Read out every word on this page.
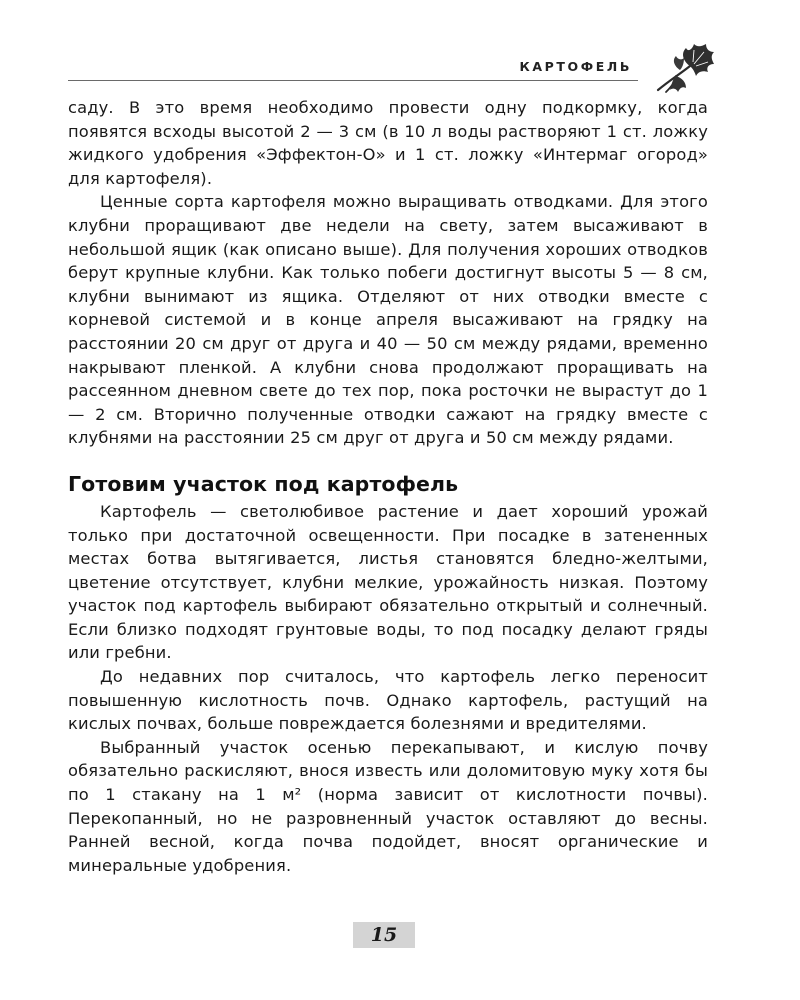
КАРТОФЕЛЬ

саду. В это время необходимо провести одну подкормку, когда появятся всходы высотой 2 — 3 см (в 10 л воды растворяют 1 ст. ложку жидкого удобрения «Эффектон-О» и 1 ст. ложку «Интермаг огород» для картофеля).

Ценные сорта картофеля можно выращивать отводками. Для этого клубни проращивают две недели на свету, затем высаживают в небольшой ящик (как описано выше). Для получения хороших отводков берут крупные клубни. Как только побеги достигнут высоты 5 — 8 см, клубни вынимают из ящика. Отделяют от них отводки вместе с корневой системой и в конце апреля высаживают на грядку на расстоянии 20 см друг от друга и 40 — 50 см между рядами, временно накрывают пленкой. А клубни снова продолжают проращивать на рассеянном дневном свете до тех пор, пока росточки не вырастут до 1 — 2 см. Вторично полученные отводки сажают на грядку вместе с клубнями на расстоянии 25 см друг от друга и 50 см между рядами.

Готовим участок под картофель

Картофель — светолюбивое растение и дает хороший урожай только при достаточной освещенности. При посадке в затененных местах ботва вытягивается, листья становятся бледно-желтыми, цветение отсутствует, клубни мелкие, урожайность низкая. Поэтому участок под картофель выбирают обязательно открытый и солнечный. Если близко подходят грунтовые воды, то под посадку делают гряды или гребни.

До недавних пор считалось, что картофель легко переносит повышенную кислотность почв. Однако картофель, растущий на кислых почвах, больше повреждается болезнями и вредителями.

Выбранный участок осенью перекапывают, и кислую почву обязательно раскисляют, внося известь или доломитовую муку хотя бы по 1 стакану на 1 м² (норма зависит от кислотности почвы). Перекопанный, но не разровненный участок оставляют до весны. Ранней весной, когда почва подойдет, вносят органические и минеральные удобрения.

15
